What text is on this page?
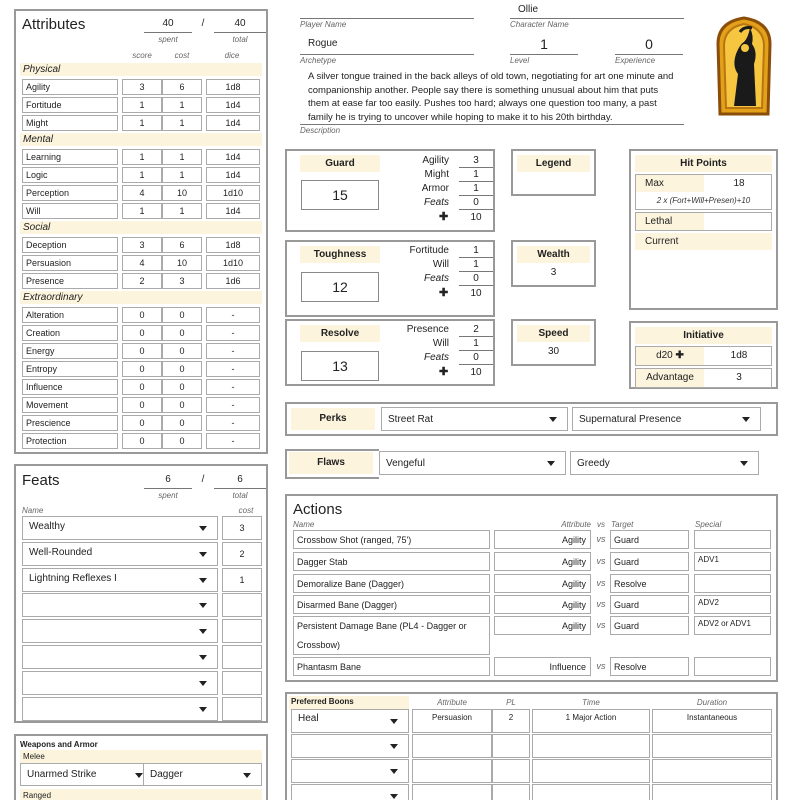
Attributes	40	/	40
spent	total
score	cost	dice
Physical
Agility	3	6	1d8
Fortitude	1	1	1d4
Might	1	1	1d4
Mental
Learning	1	1	1d4
Logic	1	1	1d4
Perception	4	10	1d10
Will	1	1	1d4
Social
Deception	3	6	1d8
Persuasion	4	10	1d10
Presence	2	3	1d6
Extraordinary
Alteration	0	0	-
Creation	0	0	-
Energy	0	0	-
Entropy	0	0	-
Influence	0	0	-
Movement	0	0	-
Prescience	0	0	-
Protection	0	0	-
Feats	6	/	6
spent	total
Name	cost
Wealthy	3
Well-Rounded	2
Lightning Reflexes I	1
Weapons and Armor
Melee
Unarmed Strike	Dagger
Ranged
Player Name
Ollie
Character Name
Rogue
Archetype
1
Level
0
Experience
A silver tongue trained in the back alleys of old town, negotiating for art one minute and companionship another. People say there is something unusual about him that puts them at ease far too easily. Pushes too hard; always one question too many, a past family he is trying to uncover while hoping to make it to his 20th birthday.
Description
Guard
15
Agility	3
Might	1
Armor	1
Feats	0
✚	10
Toughness
12
Fortitude	1
Will	1
Feats	0
✚	10
Resolve
13
Presence	2
Will	1
Feats	0
✚	10
Legend
Wealth
3
Speed
30
Hit Points
Max	18
2 x (Fort+Will+Presen)+10
Lethal
Current
Initiative
d20 ✚	1d8
Advantage	3
Perks	Street Rat	Supernatural Presence
Flaws	Vengeful	Greedy
Actions
Name	Attribute vs Target	Special
Crossbow Shot (ranged, 75')	Agility	vs Guard
Dagger Stab	Agility	vs Guard	ADV1
Demoralize Bane (Dagger)	Agility	vs Resolve
Disarmed Bane (Dagger)	Agility	vs Guard	ADV2
Persistent Damage Bane (PL4 - Dagger or Crossbow)
Agility	vs Guard	ADV2 or ADV1
Phantasm Bane	Influence	vs Resolve
Preferred Boons	Attribute	PL	Time	Duration
Heal	Persuasion	2	1 Major Action	Instantaneous
